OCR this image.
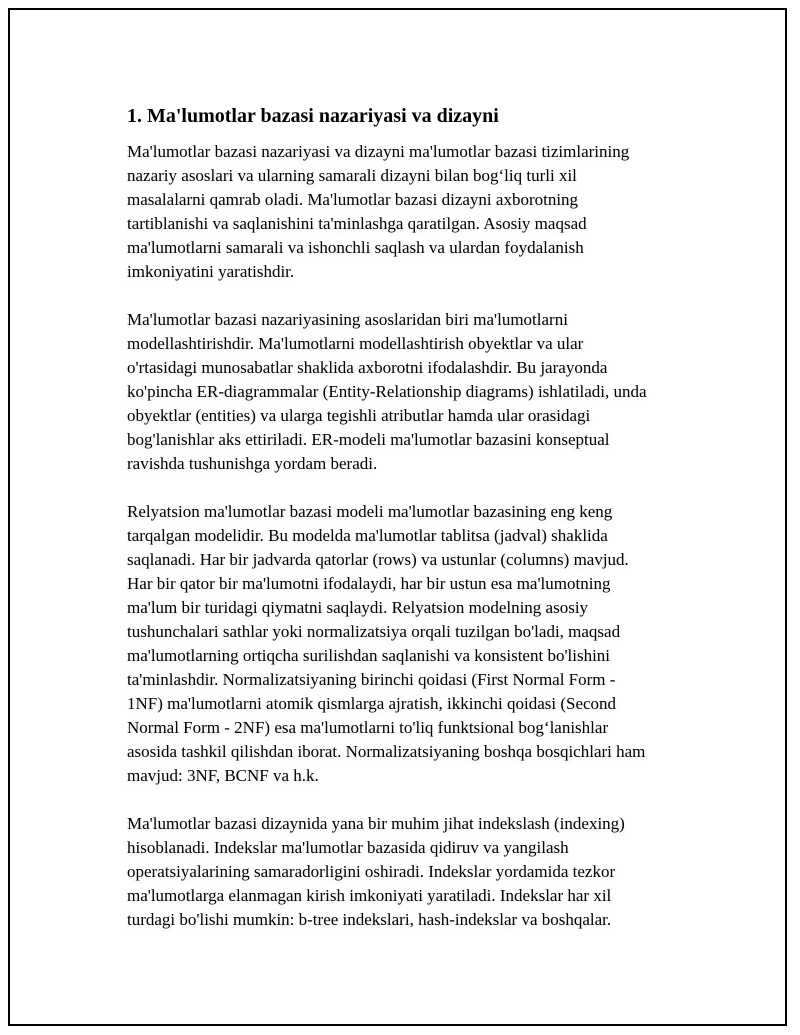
1. Ma'lumotlar bazasi nazariyasi va dizayni

Ma'lumotlar bazasi nazariyasi va dizayni ma'lumotlar bazasi tizimlarining
nazariy asoslari va ularning samarali dizayni bilan bog‘liq turli xil
masalalarni qamrab oladi. Ma'lumotlar bazasi dizayni axborotning
tartiblanishi va saqlanishini ta'minlashga qaratilgan. Asosiy maqsad
ma'lumotlarni samarali va ishonchli saqlash va ulardan foydalanish
imkoniyatini yaratishdir.

Ma'lumotlar bazasi nazariyasining asoslaridan biri ma'lumotlarni
modellashtirishdir. Ma'lumotlarni modellashtirish obyektlar va ular
o'rtasidagi munosabatlar shaklida axborotni ifodalashdir. Bu jarayonda
ko'pincha ER-diagrammalar (Entity-Relationship diagrams) ishlatiladi, unda
obyektlar (entities) va ularga tegishli atributlar hamda ular orasidagi
bog'lanishlar aks ettiriladi. ER-modeli ma'lumotlar bazasini konseptual
ravishda tushunishga yordam beradi.

Relyatsion ma'lumotlar bazasi modeli ma'lumotlar bazasining eng keng
tarqalgan modelidir. Bu modelda ma'lumotlar tablitsa (jadval) shaklida
saqlanadi. Har bir jadvarda qatorlar (rows) va ustunlar (columns) mavjud.
Har bir qator bir ma'lumotni ifodalaydi, har bir ustun esa ma'lumotning
ma'lum bir turidagi qiymatni saqlaydi. Relyatsion modelning asosiy
tushunchalari sathlar yoki normalizatsiya orqali tuzilgan bo'ladi, maqsad
ma'lumotlarning ortiqcha surilishdan saqlanishi va konsistent bo'lishini
ta'minlashdir. Normalizatsiyaning birinchi qoidasi (First Normal Form -
1NF) ma'lumotlarni atomik qismlarga ajratish, ikkinchi qoidasi (Second
Normal Form - 2NF) esa ma'lumotlarni to'liq funktsional bog‘lanishlar
asosida tashkil qilishdan iborat. Normalizatsiyaning boshqa bosqichlari ham
mavjud: 3NF, BCNF va h.k.

Ma'lumotlar bazasi dizaynida yana bir muhim jihat indekslash (indexing)
hisoblanadi. Indekslar ma'lumotlar bazasida qidiruv va yangilash
operatsiyalarining samaradorligini oshiradi. Indekslar yordamida tezkor
ma'lumotlarga elanmagan kirish imkoniyati yaratiladi. Indekslar har xil
turdagi bo'lishi mumkin: b-tree indekslari, hash-indekslar va boshqalar.
